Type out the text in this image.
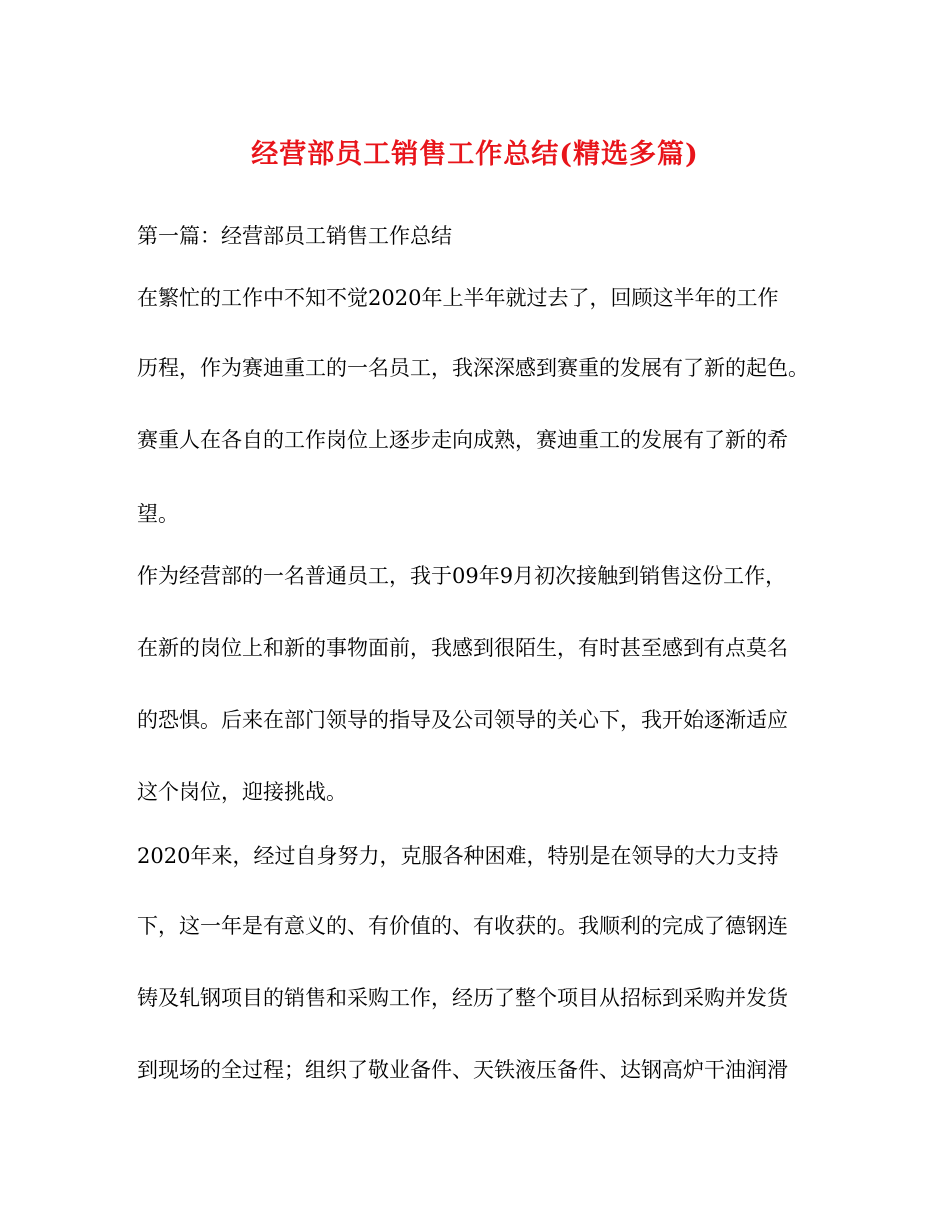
经营部员工销售工作总结(精选多篇)
第一篇：经营部员工销售工作总结
在繁忙的工作中不知不觉2020年上半年就过去了，回顾这半年的工作
历程，作为赛迪重工的一名员工，我深深感到赛重的发展有了新的起色。
赛重人在各自的工作岗位上逐步走向成熟，赛迪重工的发展有了新的希
望。
作为经营部的一名普通员工，我于09年9月初次接触到销售这份工作，
在新的岗位上和新的事物面前，我感到很陌生，有时甚至感到有点莫名
的恐惧。后来在部门领导的指导及公司领导的关心下，我开始逐渐适应
这个岗位，迎接挑战。
2020年来，经过自身努力，克服各种困难，特别是在领导的大力支持
下，这一年是有意义的、有价值的、有收获的。我顺利的完成了德钢连
铸及轧钢项目的销售和采购工作，经历了整个项目从招标到采购并发货
到现场的全过程；组织了敬业备件、天铁液压备件、达钢高炉干油润滑
